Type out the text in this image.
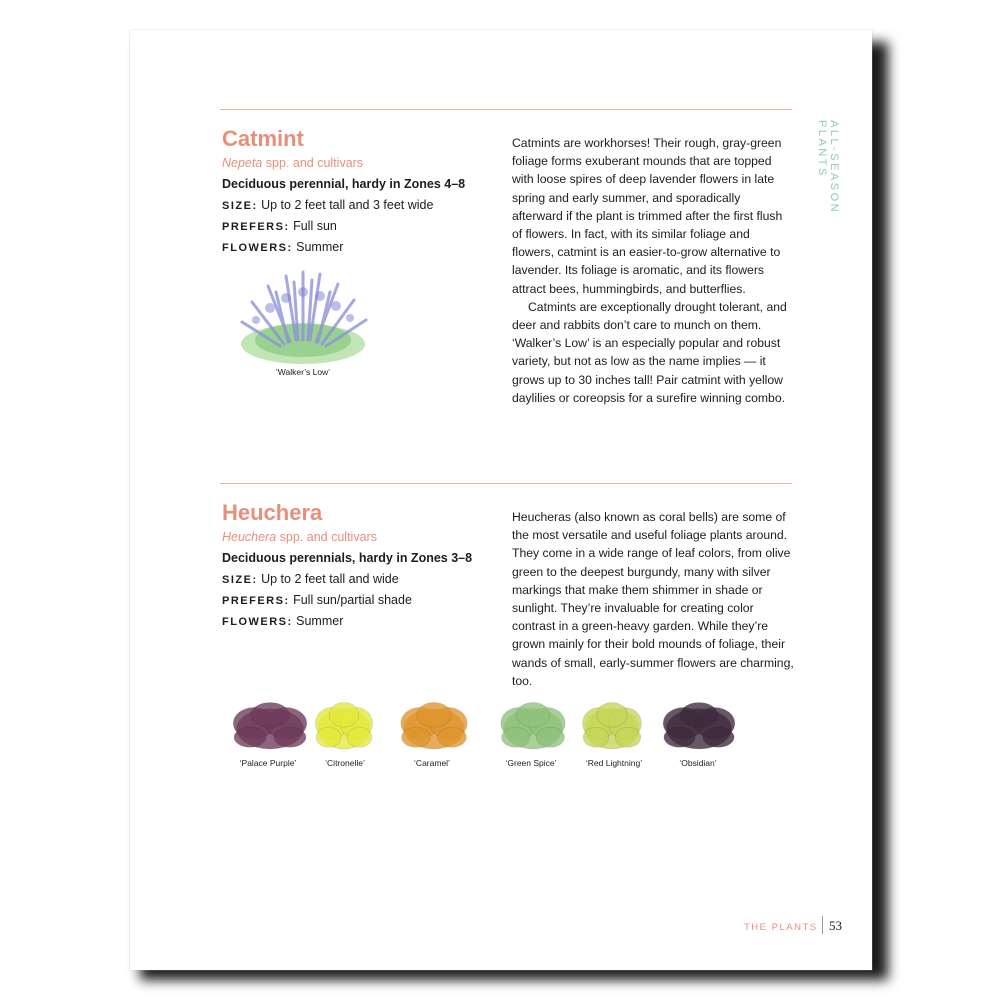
ALL-SEASON PLANTS
Catmint
Nepeta spp. and cultivars
Deciduous perennial, hardy in Zones 4–8
SIZE: Up to 2 feet tall and 3 feet wide
PREFERS: Full sun
FLOWERS: Summer
‘Walker’s Low’

Catmints are workhorses! Their rough, gray-green foliage forms exuberant mounds that are topped with loose spires of deep lavender flowers in late spring and early summer, and sporadically afterward if the plant is trimmed after the first flush of flowers. In fact, with its similar foliage and flowers, catmint is an easier-to-grow alternative to lavender. Its foliage is aromatic, and its flowers attract bees, hummingbirds, and butterflies.

Catmints are exceptionally drought tolerant, and deer and rabbits don’t care to munch on them. ‘Walker’s Low’ is an especially popular and robust variety, but not as low as the name implies — it grows up to 30 inches tall! Pair catmint with yellow daylilies or coreopsis for a surefire winning combo.

Heuchera
Heuchera spp. and cultivars
Deciduous perennials, hardy in Zones 3–8
SIZE: Up to 2 feet tall and wide
PREFERS: Full sun/partial shade
FLOWERS: Summer

Heucheras (also known as coral bells) are some of the most versatile and useful foliage plants around. They come in a wide range of leaf colors, from olive green to the deepest burgundy, many with silver markings that make them shimmer in shade or sunlight. They’re invaluable for creating color contrast in a green-heavy garden. While they’re grown mainly for their bold mounds of foliage, their wands of small, early-summer flowers are charming, too.

‘Palace Purple’	‘Citronelle’	‘Caramel’	‘Green Spice’	‘Red Lightning’	‘Obsidian’
THE PLANTS 53
